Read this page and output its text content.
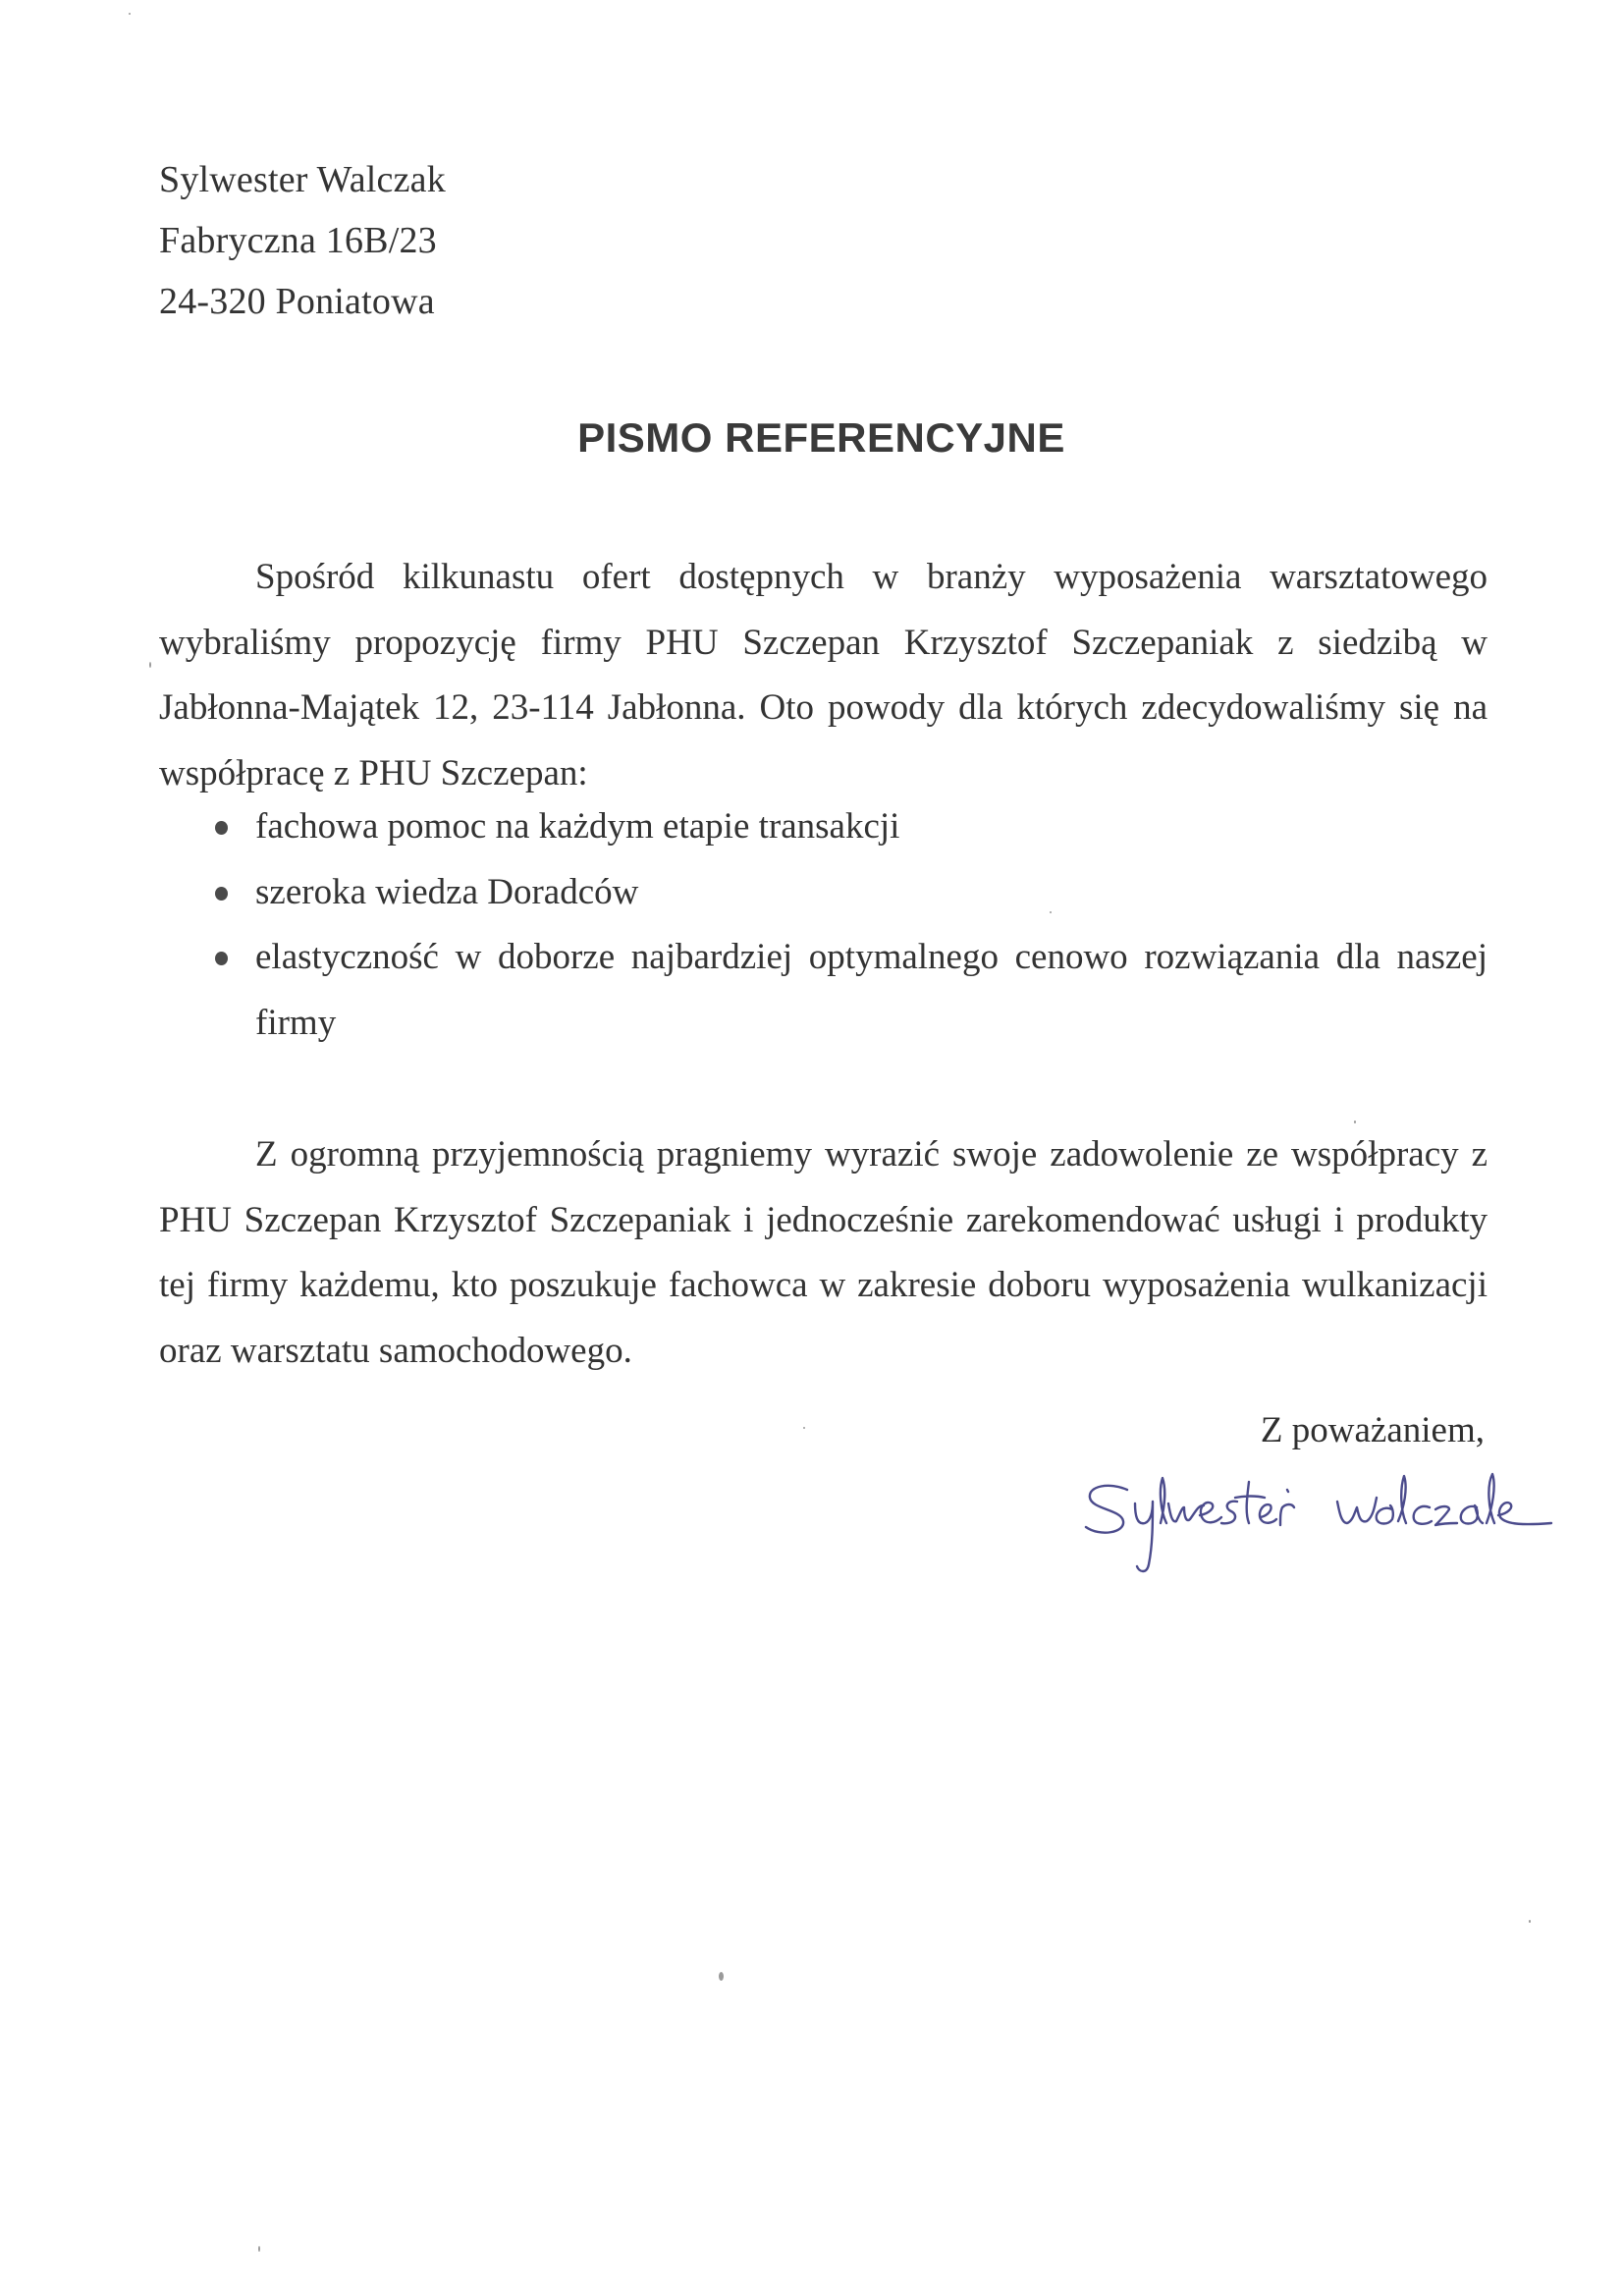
Sylwester Walczak
Fabryczna 16B/23
24-320 Poniatowa
PISMO REFERENCYJNE
Spośród kilkunastu ofert dostępnych w branży wyposażenia warsztatowego wybraliśmy propozycję firmy PHU Szczepan Krzysztof Szczepaniak z siedzibą w Jabłonna-Majątek 12, 23-114 Jabłonna. Oto powody dla których zdecydowaliśmy się na współpracę z PHU Szczepan:
fachowa pomoc na każdym etapie transakcji
szeroka wiedza Doradców
elastyczność w doborze najbardziej optymalnego cenowo rozwiązania dla naszej firmy
Z ogromną przyjemnością pragniemy wyrazić swoje zadowolenie ze współpracy z PHU Szczepan Krzysztof Szczepaniak i jednocześnie zarekomendować usługi i produkty tej firmy każdemu, kto poszukuje fachowca w zakresie doboru wyposażenia wulkanizacji oraz warsztatu samochodowego.
Z poważaniem,
